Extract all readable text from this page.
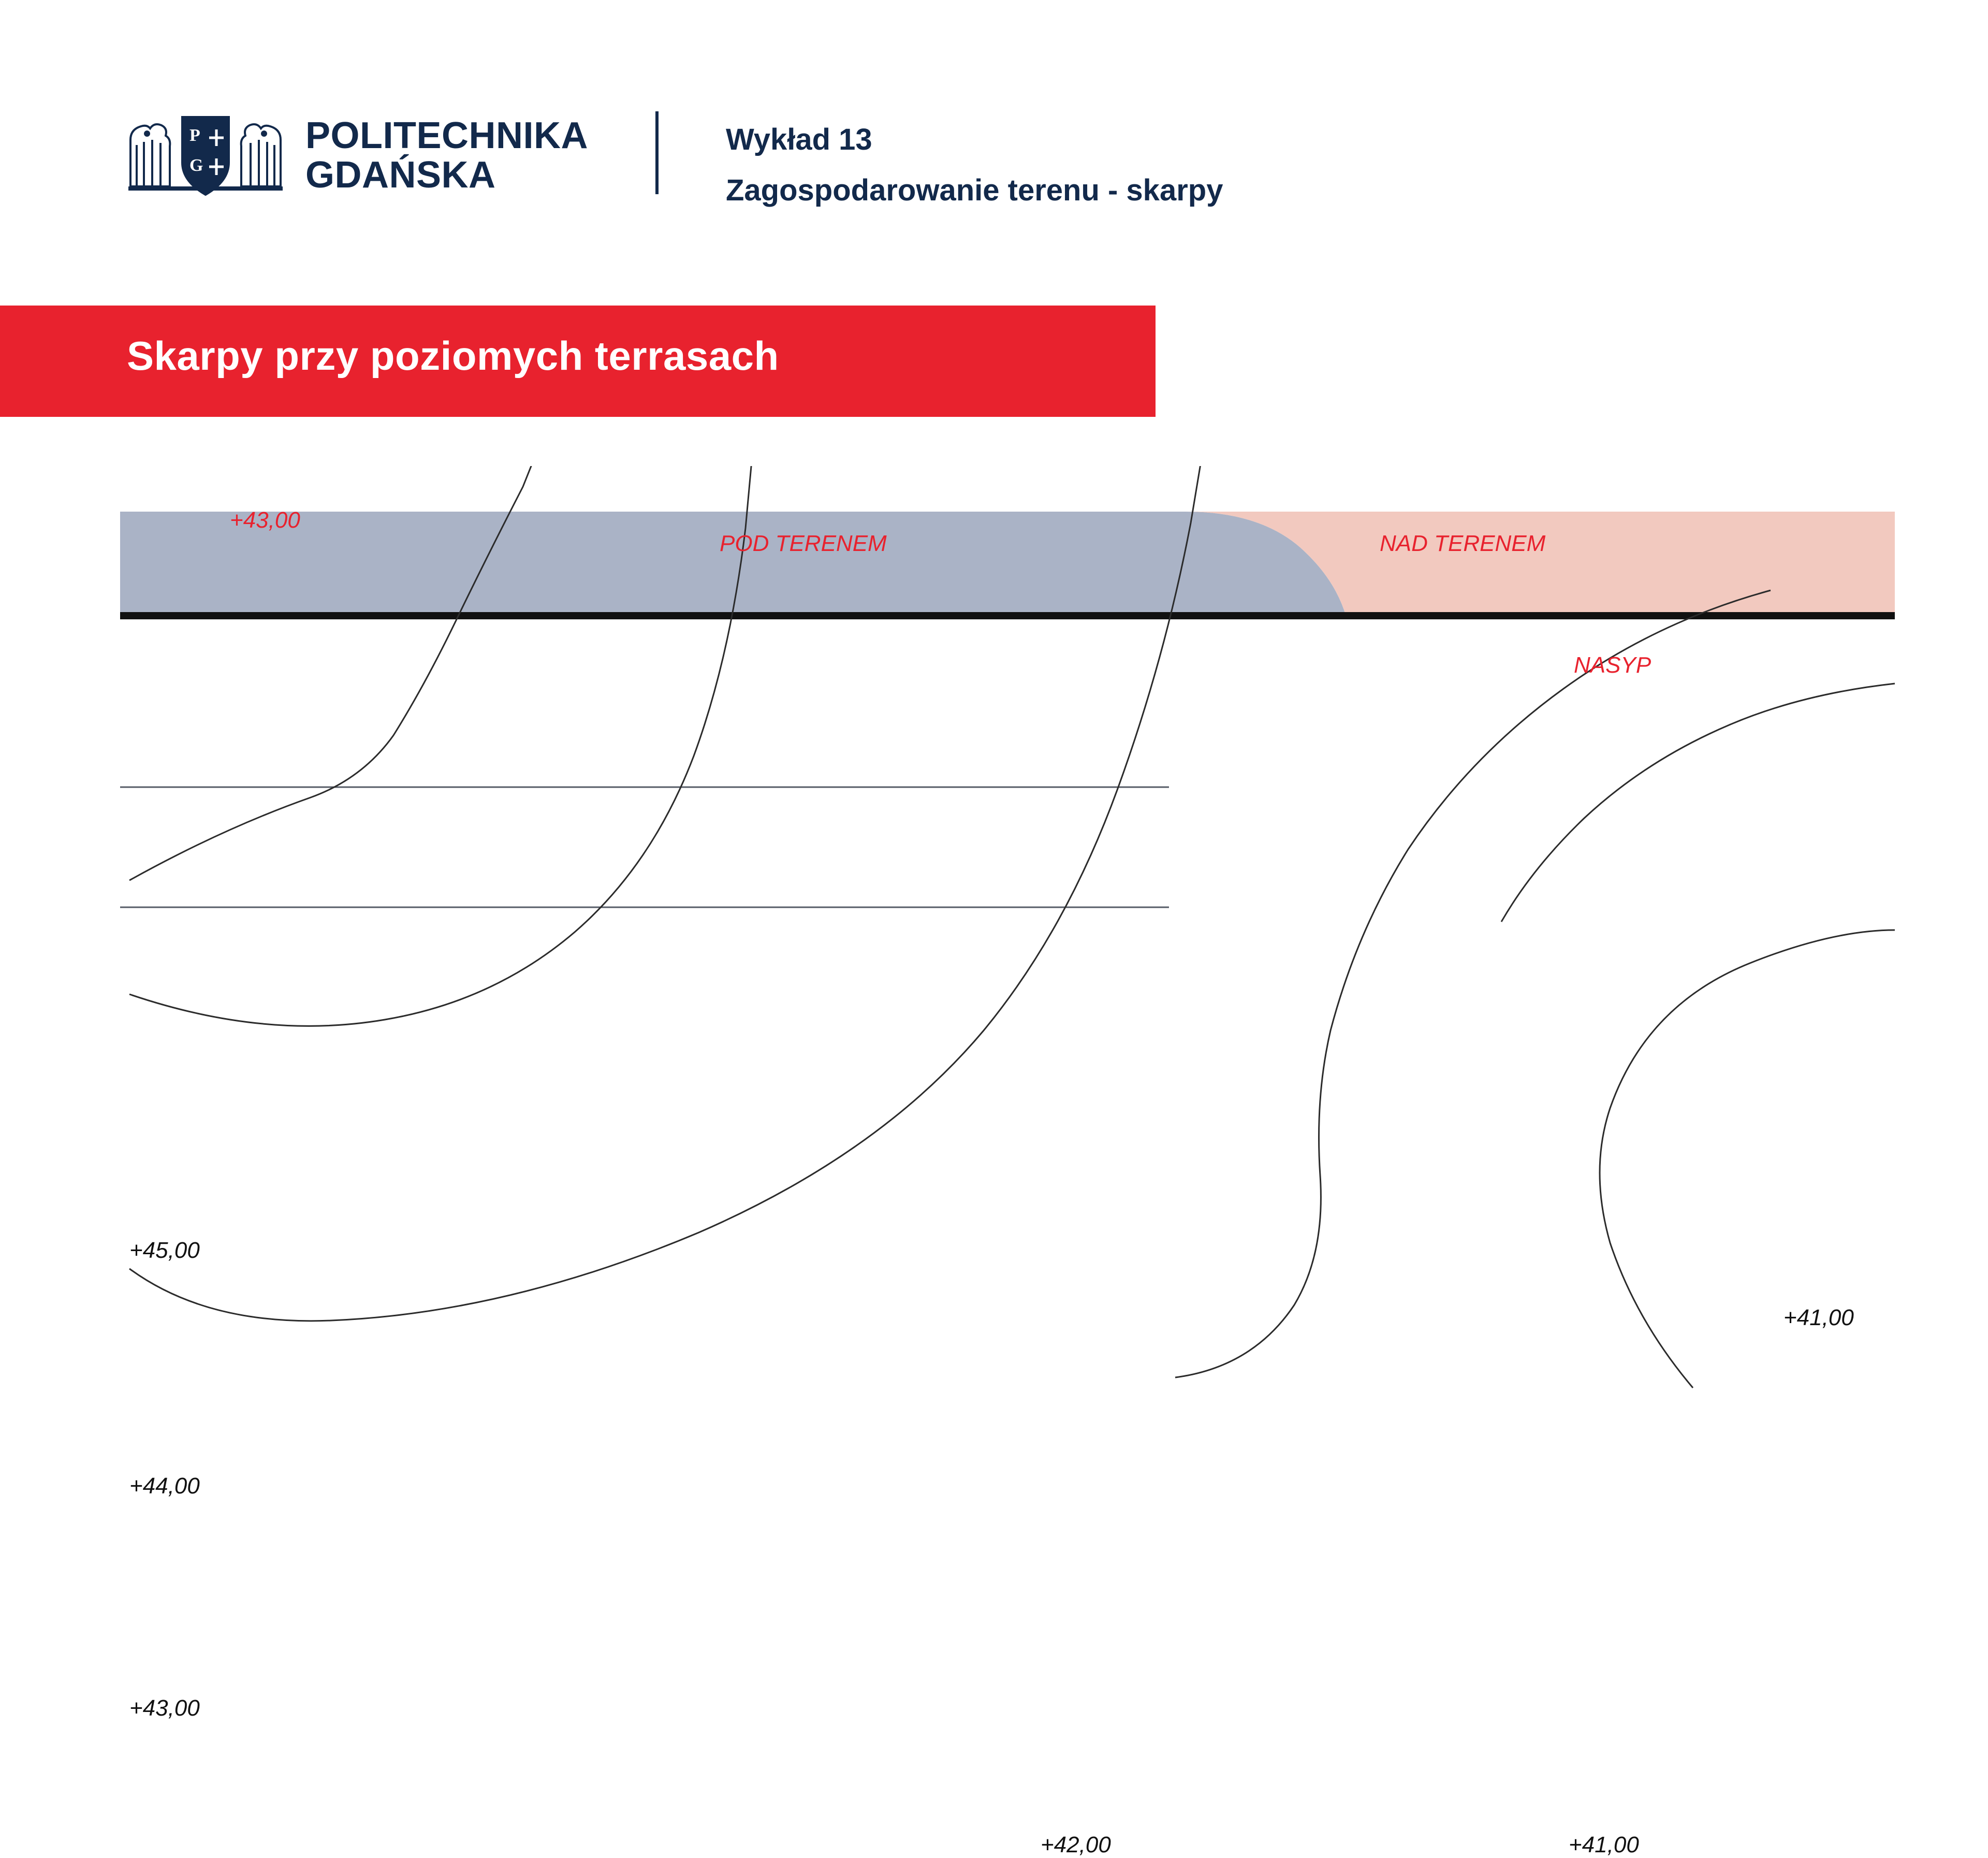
P
G
POLITECHNIKA
GDAŃSKA
Wykład 13
Zagospodarowanie terenu - skarpy
Skarpy przy poziomych terrasach
+43,00
POD TERENEM	NAD TERENEM
NASYP
+45,00
+44,00
+43,00
+42,00
+41,00
+41,00
